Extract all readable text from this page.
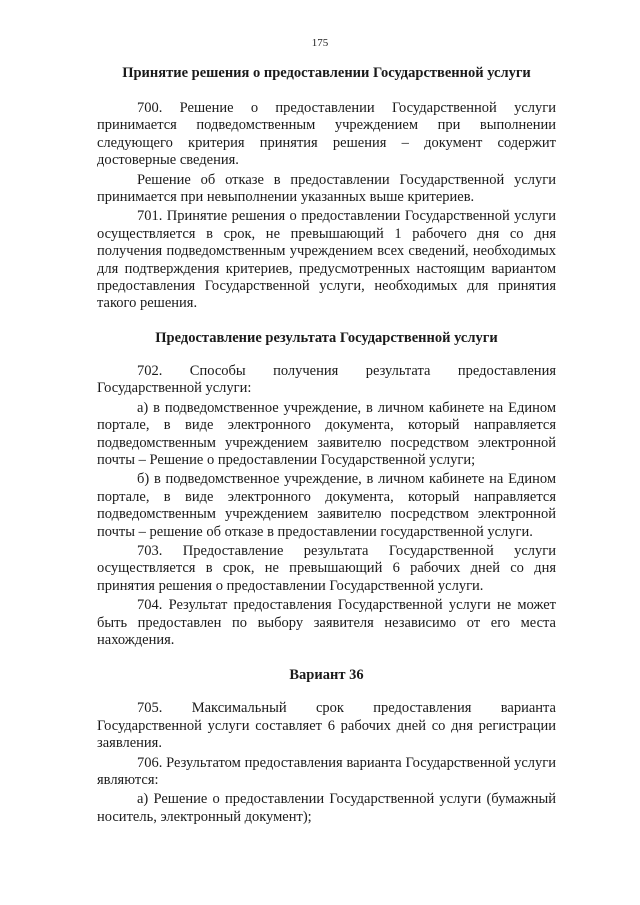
175
Принятие решения о предоставлении Государственной услуги

700. Решение о предоставлении Государственной услуги принимается подведомственным учреждением при выполнении следующего критерия принятия решения – документ содержит достоверные сведения.

Решение об отказе в предоставлении Государственной услуги принимается при невыполнении указанных выше критериев.

701. Принятие решения о предоставлении Государственной услуги осуществляется в срок, не превышающий 1 рабочего дня со дня получения подведомственным учреждением всех сведений, необходимых для подтверждения критериев, предусмотренных настоящим вариантом предоставления Государственной услуги, необходимых для принятия такого решения.

Предоставление результата Государственной услуги

702. Способы получения результата предоставления Государственной услуги:

а) в подведомственное учреждение, в личном кабинете на Едином портале, в виде электронного документа, который направляется подведомственным учреждением заявителю посредством электронной почты – Решение о предоставлении Государственной услуги;

б) в подведомственное учреждение, в личном кабинете на Едином портале, в виде электронного документа, который направляется подведомственным учреждением заявителю посредством электронной почты – решение об отказе в предоставлении государственной услуги.

703. Предоставление результата Государственной услуги осуществляется в срок, не превышающий 6 рабочих дней со дня принятия решения о предоставлении Государственной услуги.

704. Результат предоставления Государственной услуги не может быть предоставлен по выбору заявителя независимо от его места нахождения.

Вариант 36

705. Максимальный срок предоставления варианта Государственной услуги составляет 6 рабочих дней со дня регистрации заявления.

706. Результатом предоставления варианта Государственной услуги являются:

а) Решение о предоставлении Государственной услуги (бумажный носитель, электронный документ);
